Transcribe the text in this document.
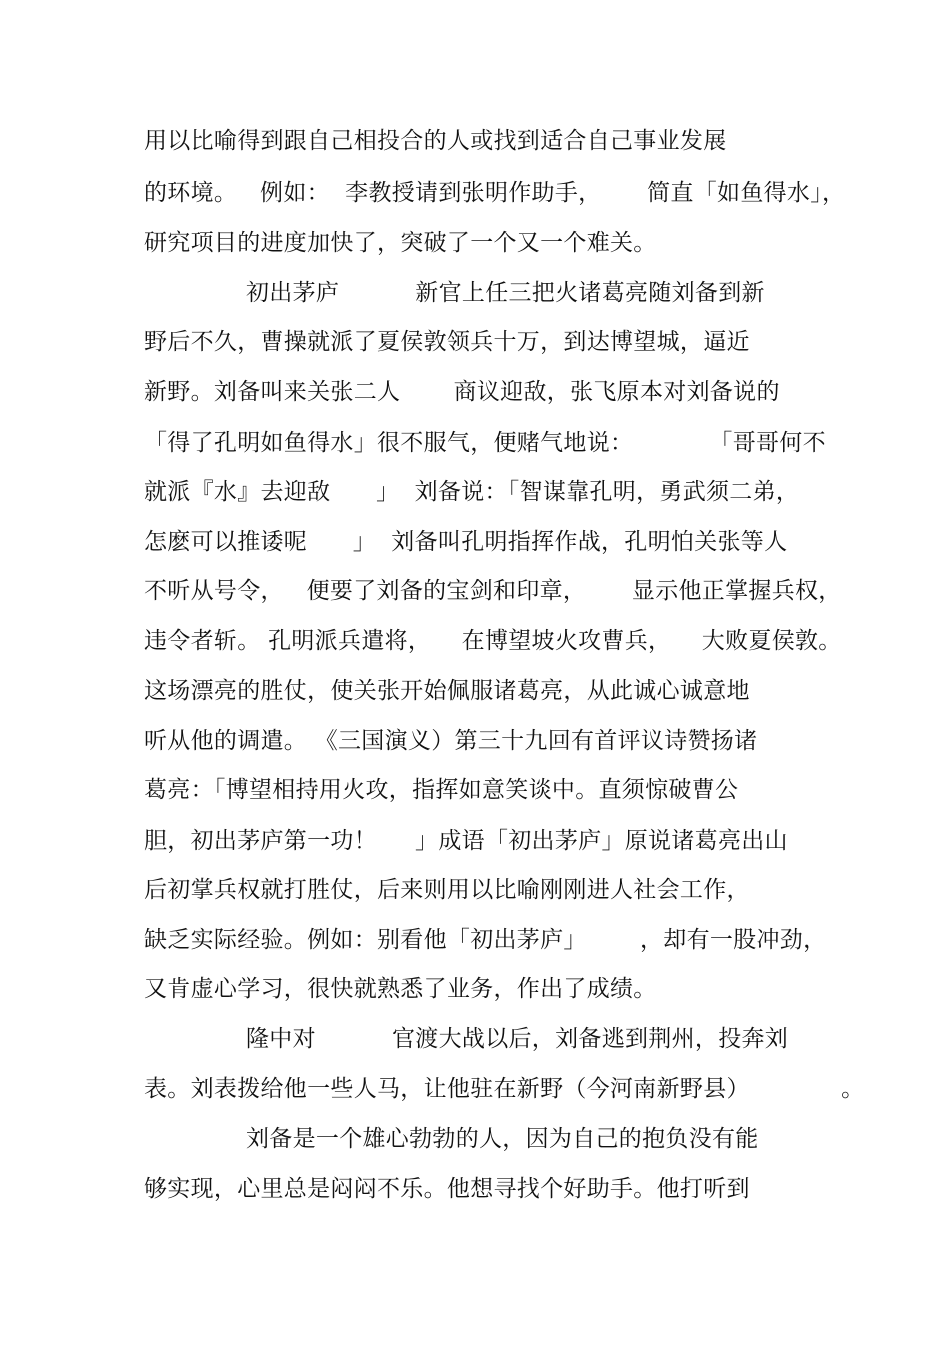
用以比喻得到跟自己相投合的人或找到适合自己事业发展
的环境。   例如：  李教授请到张明作助手，      简直「如鱼得水」，
研究项目的进度加快了，突破了一个又一个难关。
初出茅庐          新官上任三把火诸葛亮随刘备到新
野后不久，曹操就派了夏侯敦领兵十万，到达博望城，逼近
新野。刘备叫来关张二人       商议迎敌，张飞原本对刘备说的
「得了孔明如鱼得水」很不服气，便赌气地说：          「哥哥何不
就派『水』去迎敌      」  刘备说：「智谋靠孔明，勇武须二弟，
怎麽可以推诿呢      」  刘备叫孔明指挥作战，孔明怕关张等人
不听从号令，   便要了刘备的宝剑和印章，      显示他正掌握兵权，
违令者斩。 孔明派兵遣将，    在博望坡火攻曹兵，    大败夏侯敦。
这场漂亮的胜仗，使关张开始佩服诸葛亮，从此诚心诚意地
听从他的调遣。 《三国演义）第三十九回有首评议诗赞扬诸
葛亮：「博望相持用火攻，指挥如意笑谈中。直须惊破曹公
胆，初出茅庐第一功！     」成语「初出茅庐」原说诸葛亮出山
后初掌兵权就打胜仗，后来则用以比喻刚刚进人社会工作，
缺乏实际经验。例如：别看他「初出茅庐」       ，却有一股冲劲，
又肯虚心学习，很快就熟悉了业务，作出了成绩。
隆中对          官渡大战以后，刘备逃到荆州，投奔刘
表。刘表拨给他一些人马，让他驻在新野（今河南新野县）            。
刘备是一个雄心勃勃的人，因为自己的抱负没有能
够实现，心里总是闷闷不乐。他想寻找个好助手。他打听到
